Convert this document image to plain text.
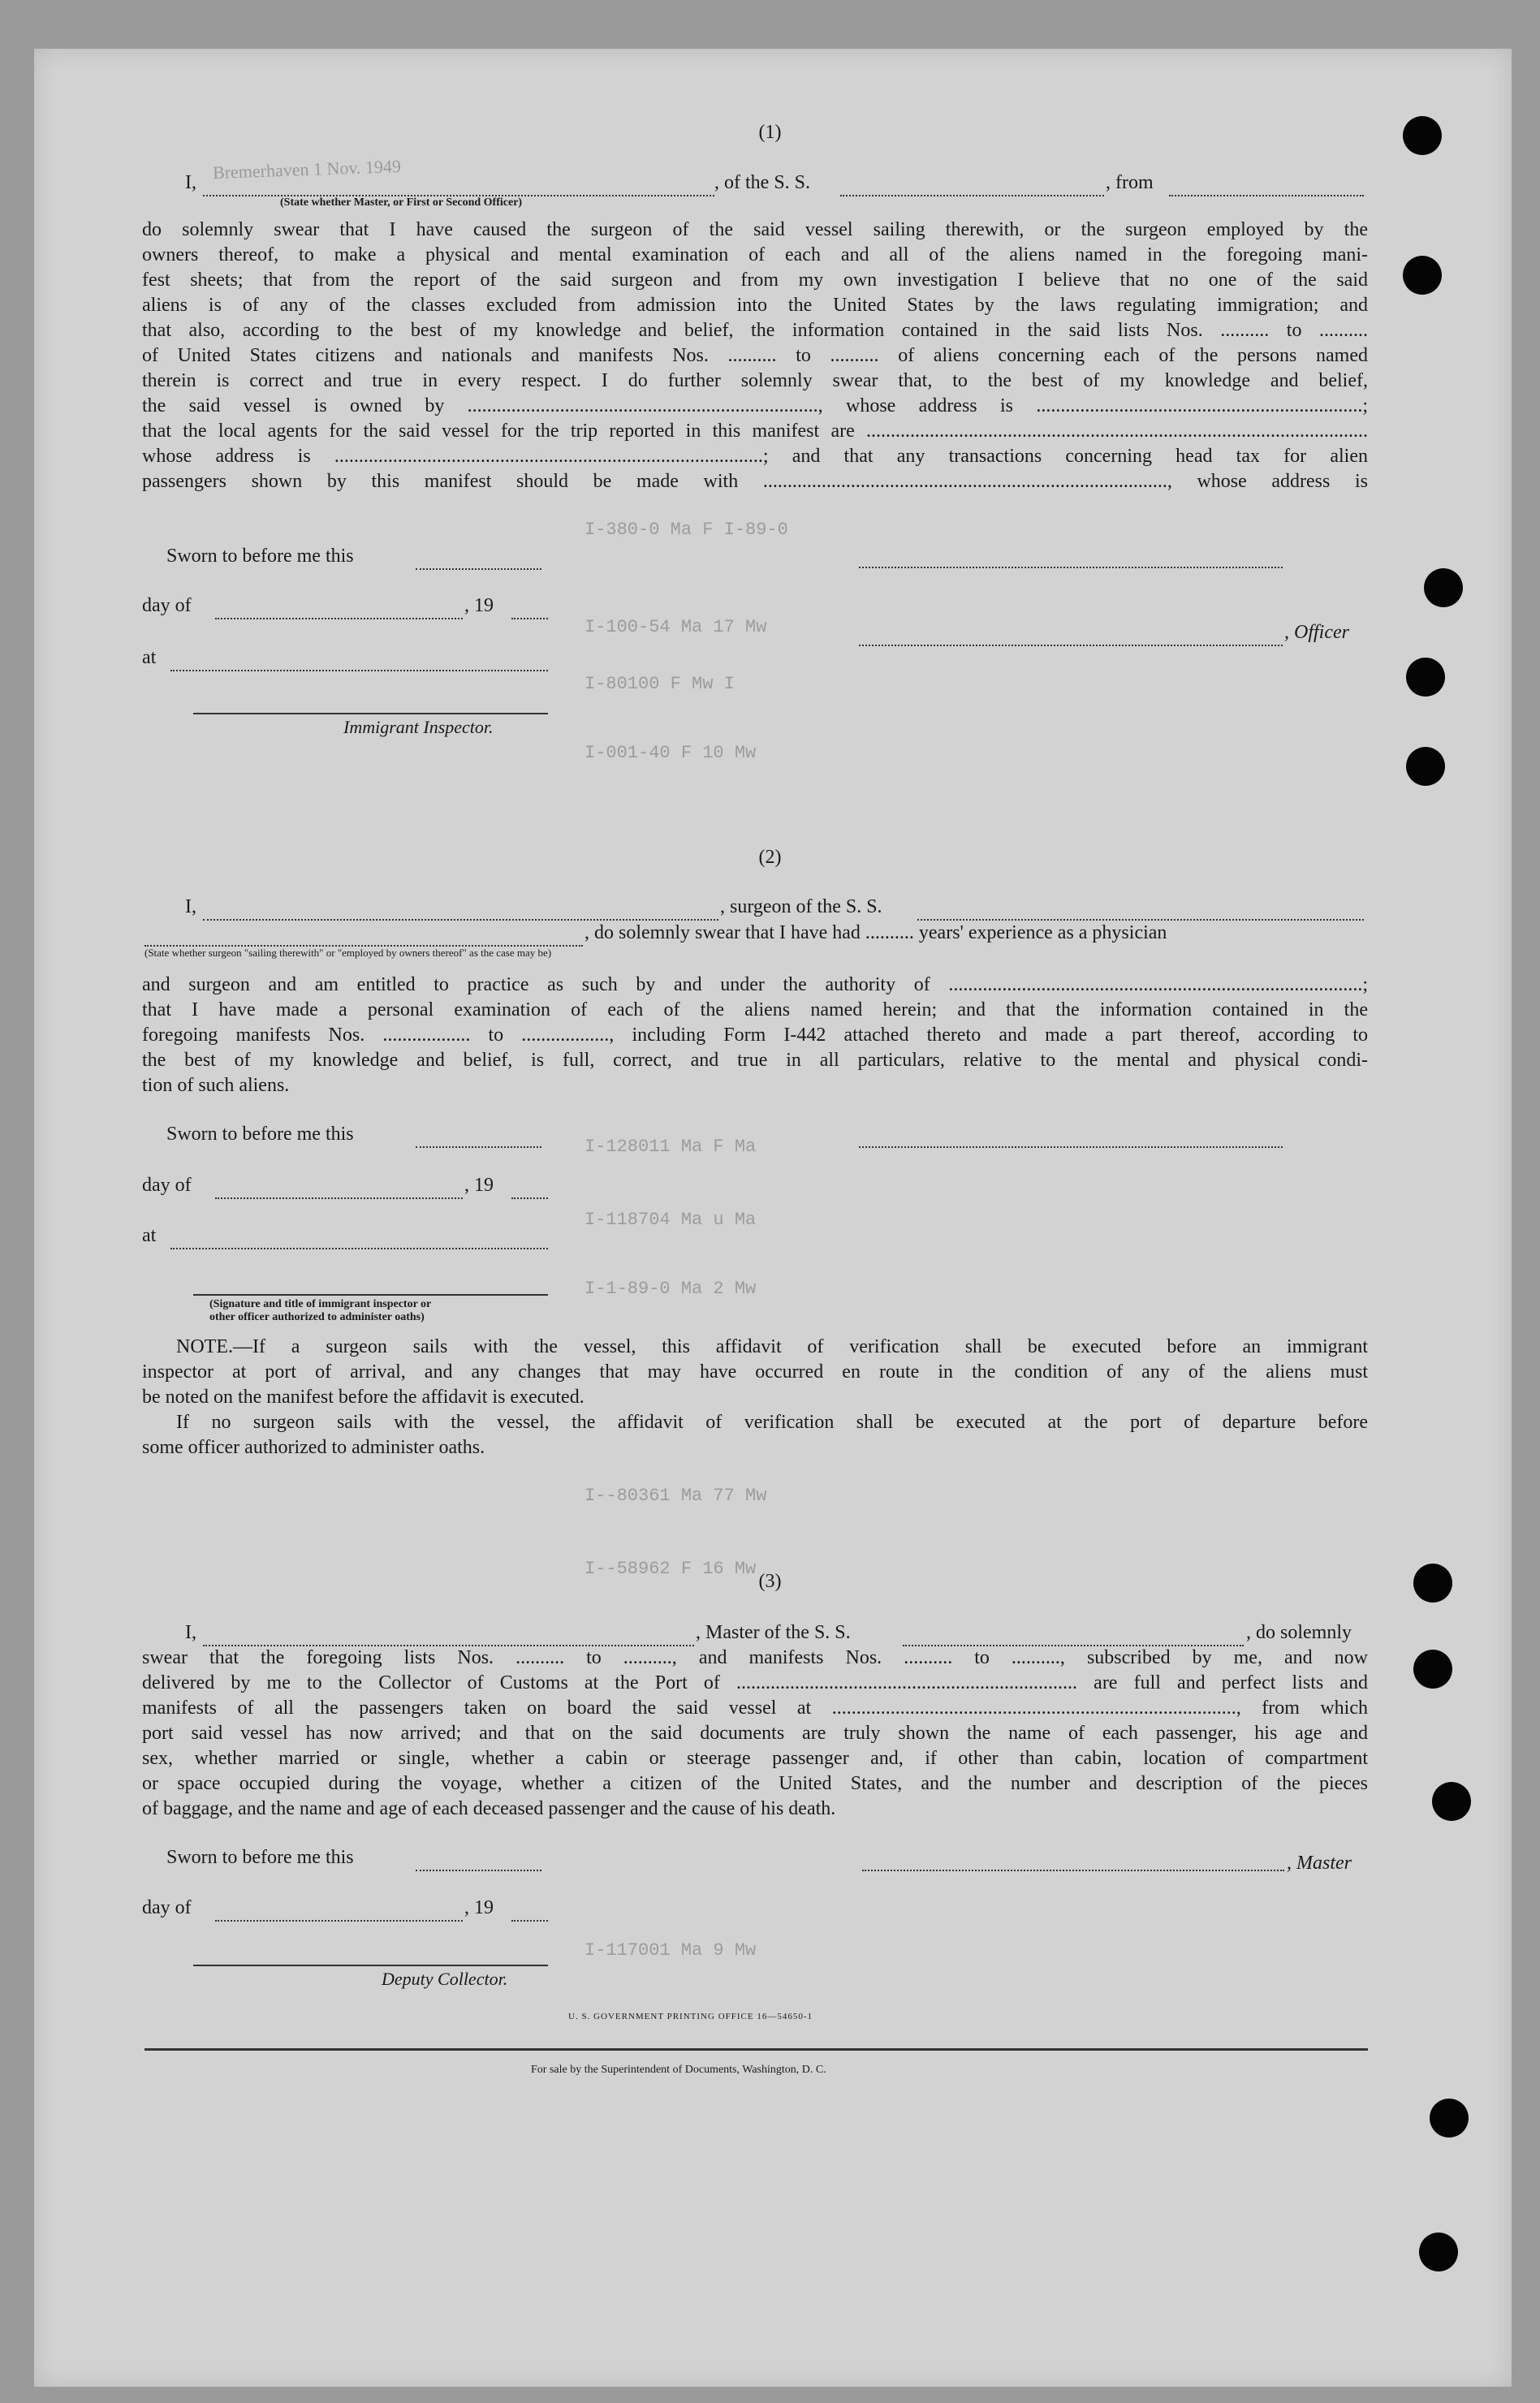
I-380-0 Ma F I-89-0
I-100-54 Ma 17 Mw
I-80100 F Mw I
I-001-40 F 10 Mw
I-128011 Ma F Ma
I-118704 Ma u Ma
I-1-89-0 Ma 2 Mw
I--80361 Ma 77 Mw
I--58962 F 16 Mw
I-117001 Ma 9 Mw
Bremerhaven 1 Nov. 1949
(1)
I,	, of the S. S.	, from
(State whether Master, or First or Second Officer)
do solemnly swear that I have caused the surgeon of the said vessel sailing therewith, or the surgeon employed by the
owners thereof, to make a physical and mental examination of each and all of the aliens named in the foregoing mani-
fest sheets; that from the report of the said surgeon and from my own investigation I believe that no one of the said
aliens is of any of the classes excluded from admission into the United States by the laws regulating immigration; and
that also, according to the best of my knowledge and belief, the information contained in the said lists Nos. .......... to ..........
of United States citizens and nationals and manifests Nos. .......... to .......... of aliens concerning each of the persons named
therein is correct and true in every respect. I do further solemnly swear that, to the best of my knowledge and belief,
the said vessel is owned by ........................................................................, whose address is ...................................................................;
that the local agents for the said vessel for the trip reported in this manifest are .......................................................................................................
whose address is ........................................................................................; and that any transactions concerning head tax for alien
passengers shown by this manifest should be made with ..................................................................................., whose address is
Sworn to before me this
day of	, 19
at
Immigrant Inspector.
, Officer
(2)
I,	, surgeon of the S. S.
, do solemnly swear that I have had .......... years' experience as a physician
(State whether surgeon "sailing therewith" or "employed by owners thereof" as the case may be)
and surgeon and am entitled to practice as such by and under the authority of .....................................................................................;
that I have made a personal examination of each of the aliens named herein; and that the information contained in the
foregoing manifests Nos. .................. to .................., including Form I-442 attached thereto and made a part thereof, according to
the best of my knowledge and belief, is full, correct, and true in all particulars, relative to the mental and physical condi-
tion of such aliens.
Sworn to before me this
day of	, 19
at
(Signature and title of immigrant inspector or
other officer authorized to administer oaths)
NOTE.—If a surgeon sails with the vessel, this affidavit of verification shall be executed before an immigrant
inspector at port of arrival, and any changes that may have occurred en route in the condition of any of the aliens must
be noted on the manifest before the affidavit is executed.
If no surgeon sails with the vessel, the affidavit of verification shall be executed at the port of departure before
some officer authorized to administer oaths.
(3)
I,	, Master of the S. S.	, do solemnly
swear that the foregoing lists Nos. .......... to .........., and manifests Nos. .......... to .........., subscribed by me, and now
delivered by me to the Collector of Customs at the Port of ...................................................................... are full and perfect lists and
manifests of all the passengers taken on board the said vessel at ..................................................................................., from which
port said vessel has now arrived; and that on the said documents are truly shown the name of each passenger, his age and
sex, whether married or single, whether a cabin or steerage passenger and, if other than cabin, location of compartment
or space occupied during the voyage, whether a citizen of the United States, and the number and description of the pieces
of baggage, and the name and age of each deceased passenger and the cause of his death.
Sworn to before me this	, Master
day of	, 19
Deputy Collector.
U. S. GOVERNMENT PRINTING OFFICE 16—54650-1
For sale by the Superintendent of Documents, Washington, D. C.
